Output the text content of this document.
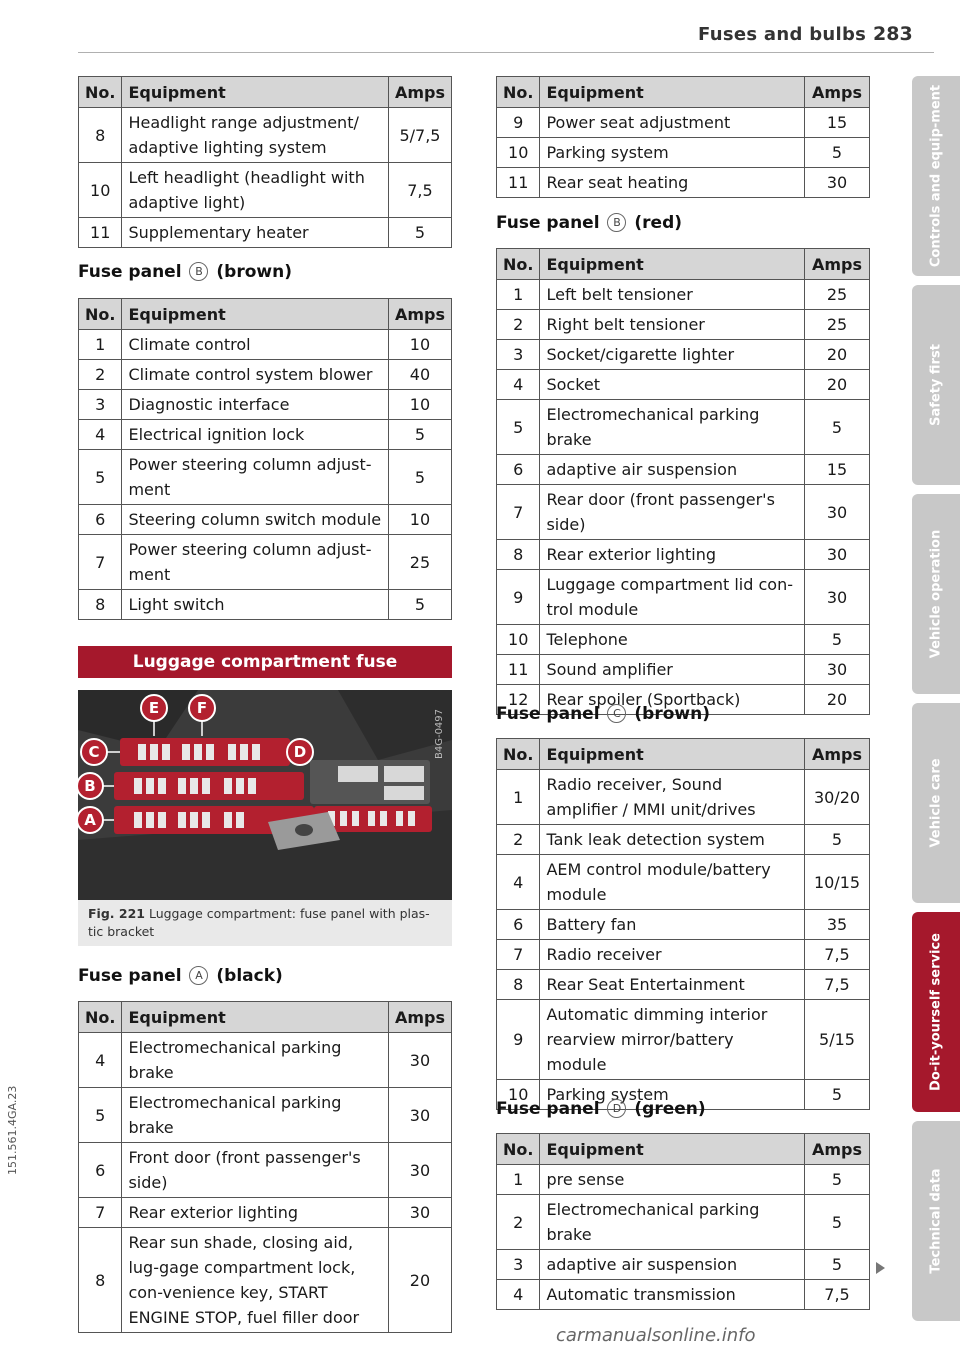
Fuses and bulbs 283
No.	Equipment	Amps
8	Headlight range adjustment/ adaptive lighting system	5/7,5
10	Left headlight (headlight with adaptive light)	7,5
11	Supplementary heater	5
Fuse panel B (brown)
No.	Equipment	Amps
1	Climate control	10
2	Climate control system blower	40
3	Diagnostic interface	10
4	Electrical ignition lock	5
5	Power steering column adjust-ment	5
6	Steering column switch module	10
7	Power steering column adjust-ment	25
8	Light switch	5
Luggage compartment fuse
E	F
C	D
B
A
B4G-0497
Fig. 221 Luggage compartment: fuse panel with plas-tic bracket
Fuse panel A (black)
No.	Equipment	Amps
4	Electromechanical parking brake	30
5	Electromechanical parking brake	30
6	Front door (front passenger's side)	30
7	Rear exterior lighting	30
8	Rear sun shade, closing aid, lug-gage compartment lock, con-venience key, START ENGINE STOP, fuel filler door	20
No.	Equipment	Amps
9	Power seat adjustment	15
10	Parking system	5
11	Rear seat heating	30
Fuse panel B (red)
No.	Equipment	Amps
1	Left belt tensioner	25
2	Right belt tensioner	25
3	Socket/cigarette lighter	20
4	Socket	20
5	Electromechanical parking brake	5
6	adaptive air suspension	15
7	Rear door (front passenger's side)	30
8	Rear exterior lighting	30
9	Luggage compartment lid con-trol module	30
10	Telephone	5
11	Sound amplifier	30
12	Rear spoiler (Sportback)	20
Fuse panel C (brown)
No.	Equipment	Amps
1	Radio receiver, Sound amplifier / MMI unit/drives	30/20
2	Tank leak detection system	5
4	AEM control module/battery module	10/15
6	Battery fan	35
7	Radio receiver	7,5
8	Rear Seat Entertainment	7,5
9	Automatic dimming interior rearview mirror/battery module	5/15
10	Parking system	5
Fuse panel D (green)
No.	Equipment	Amps
1	pre sense	5
2	Electromechanical parking brake	5
3	adaptive air suspension	5
4	Automatic transmission	7,5
Controls and equip-ment
Safety first
Vehicle operation
Vehicle care
Do-it-yourself service
Technical data
151.561.4GA.23
carmanualsonline.info
